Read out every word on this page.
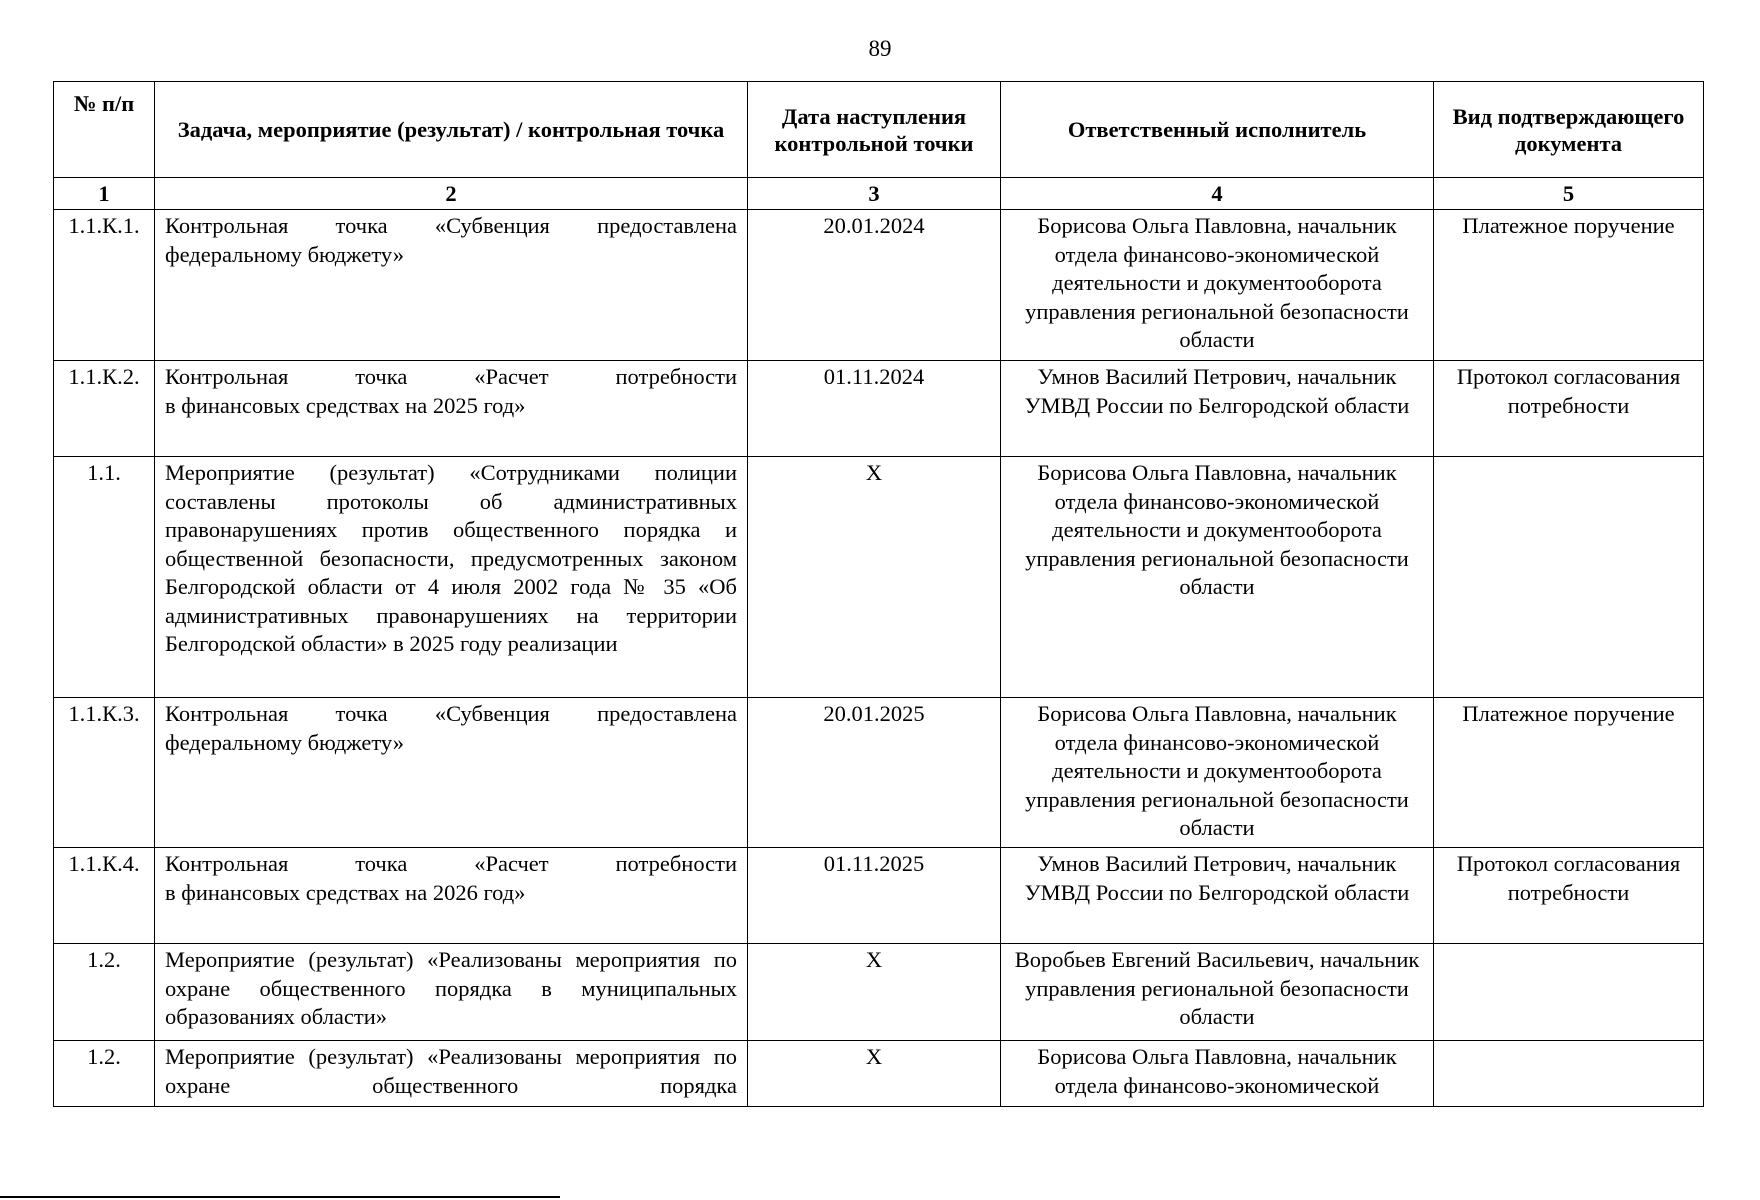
89
№ п/п	Задача, мероприятие (результат) / контрольная точка	Дата наступления контрольной точки	Ответственный исполнитель	Вид подтверждающего документа
1	2	3	4	5
1.1.К.1.	Контрольная точка «Субвенция предоставлена
федеральному бюджету»	20.01.2024	Борисова Ольга Павловна, начальник отдела финансово-экономической деятельности и документооборота управления региональной безопасности области	Платежное поручение
1.1.К.2.	Контрольная точка «Расчет потребности
в финансовых средствах на 2025 год»	01.11.2024	Умнов Василий Петрович, начальник УМВД России по Белгородской области	Протокол согласования потребности
1.1.	Мероприятие (результат) «Сотрудниками полиции составлены протоколы об административных правонарушениях против общественного порядка и общественной безопасности, предусмотренных законом Белгородской области от 4 июля 2002 года № 35 «Об административных правонарушениях на территории Белгородской области» в 2025 году реализации	Х	Борисова Ольга Павловна, начальник отдела финансово-экономической деятельности и документооборота управления региональной безопасности области	
1.1.К.3.	Контрольная точка «Субвенция предоставлена
федеральному бюджету»	20.01.2025	Борисова Ольга Павловна, начальник отдела финансово-экономической деятельности и документооборота управления региональной безопасности области	Платежное поручение
1.1.К.4.	Контрольная точка «Расчет потребности
в финансовых средствах на 2026 год»	01.11.2025	Умнов Василий Петрович, начальник УМВД России по Белгородской области	Протокол согласования потребности
1.2.	Мероприятие (результат) «Реализованы мероприятия по охране общественного порядка в муниципальных образованиях области»	Х	Воробьев Евгений Васильевич, начальник управления региональной безопасности области	
1.2.	Мероприятие (результат) «Реализованы мероприятия по охране общественного порядка	Х	Борисова Ольга Павловна, начальник отдела финансово-экономической	
